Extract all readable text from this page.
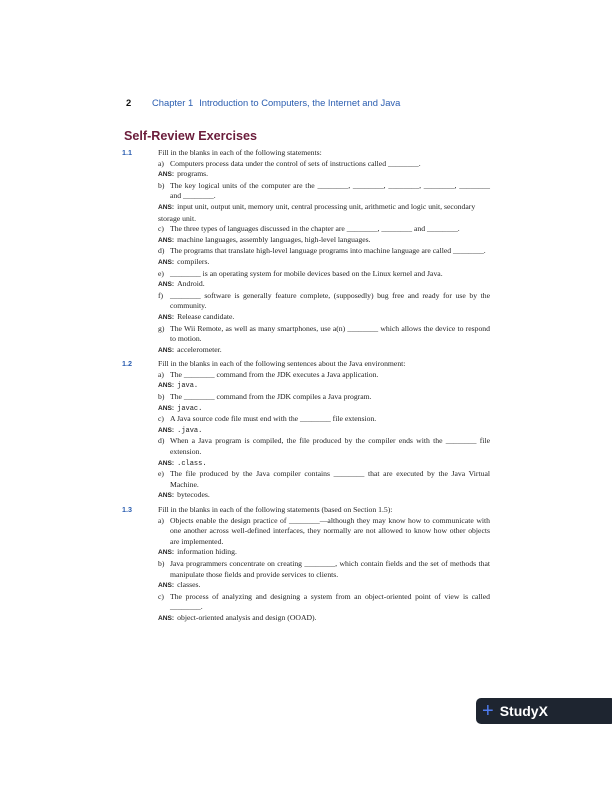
2 Chapter 1 Introduction to Computers, the Internet and Java
Self-Review Exercises
1.1	Fill in the blanks in each of the following statements:
a) Computers process data under the control of sets of instructions called ________.
ANS: programs.
b) The key logical units of the computer are the ________, ________, ________, ________, ________ and ________.
ANS: input unit, output unit, memory unit, central processing unit, arithmetic and logic unit, secondary storage unit.
c) The three types of languages discussed in the chapter are ________, ________ and ________.
ANS: machine languages, assembly languages, high-level languages.
d) The programs that translate high-level language programs into machine language are called ________.
ANS: compilers.
e) ________ is an operating system for mobile devices based on the Linux kernel and Java.
ANS: Android.
f) ________ software is generally feature complete, (supposedly) bug free and ready for use by the community.
ANS: Release candidate.
g) The Wii Remote, as well as many smartphones, use a(n) ________ which allows the device to respond to motion.
ANS: accelerometer.
1.2	Fill in the blanks in each of the following sentences about the Java environment:
a) The ________ command from the JDK executes a Java application.
ANS: java.
b) The ________ command from the JDK compiles a Java program.
ANS: javac.
c) A Java source code file must end with the ________ file extension.
ANS: .java.
d) When a Java program is compiled, the file produced by the compiler ends with the ________ file extension.
ANS: .class.
e) The file produced by the Java compiler contains ________ that are executed by the Java Virtual Machine.
ANS: bytecodes.
1.3	Fill in the blanks in each of the following statements (based on Section 1.5):
a) Objects enable the design practice of ________—although they may know how to communicate with one another across well-defined interfaces, they normally are not allowed to know how other objects are implemented.
ANS: information hiding.
b) Java programmers concentrate on creating ________, which contain fields and the set of methods that manipulate those fields and provide services to clients.
ANS: classes.
c) The process of analyzing and designing a system from an object-oriented point of view is called ________.
ANS: object-oriented analysis and design (OOAD).
+ StudyX
